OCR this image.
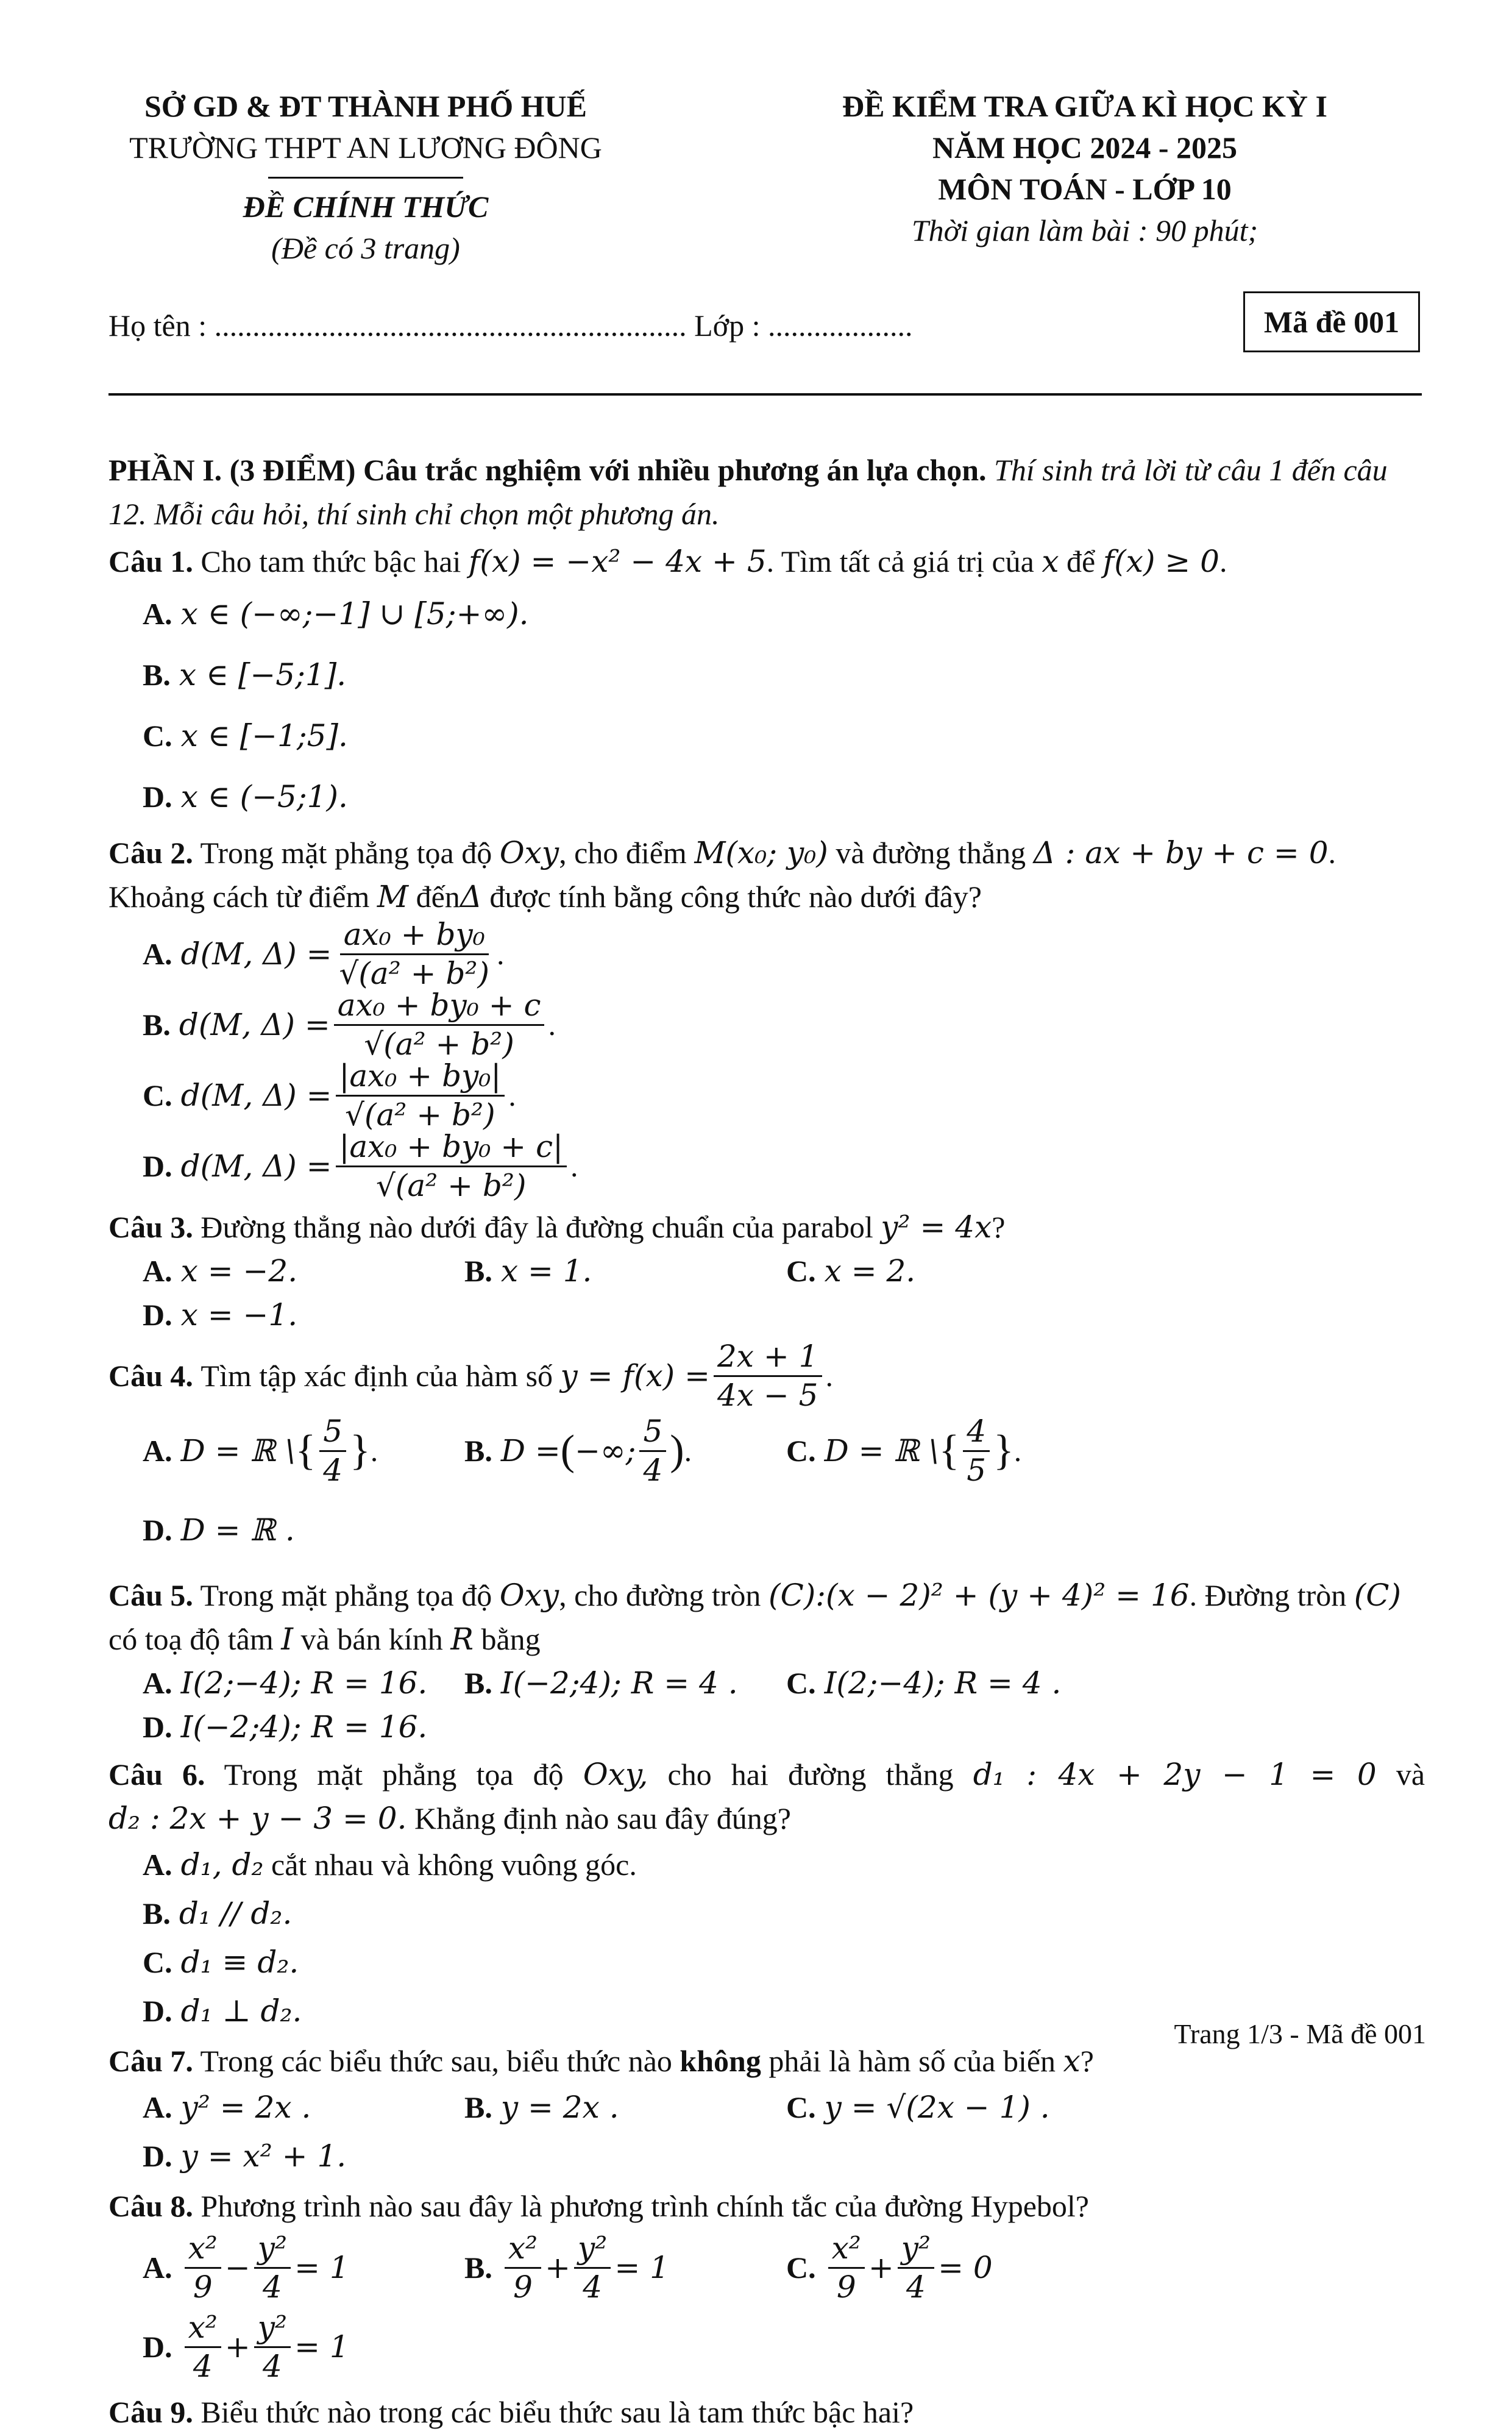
SỞ GD & ĐT THÀNH PHỐ HUẾ
TRƯỜNG THPT AN LƯƠNG ĐÔNG
ĐỀ CHÍNH THỨC
(Đề có 3 trang)
ĐỀ KIỂM TRA GIỮA KÌ HỌC KỲ I
NĂM HỌC 2024 - 2025
MÔN TOÁN - LỚP 10
Thời gian làm bài : 90 phút;
Họ tên : .............................................................. Lớp : ...................	Mã đề 001
PHẦN I. (3 ĐIỂM) Câu trắc nghiệm với nhiều phương án lựa chọn. Thí sinh trả lời từ câu 1 đến câu 12. Mỗi câu hỏi, thí sinh chỉ chọn một phương án.
Câu 1. Cho tam thức bậc hai f(x) = −x² − 4x + 5. Tìm tất cả giá trị của x để f(x) ≥ 0.
A. x ∈ (−∞;−1] ∪ [5;+∞).
B. x ∈ [−5;1].
C. x ∈ [−1;5].
D. x ∈ (−5;1).
Câu 2. Trong mặt phẳng tọa độ Oxy, cho điểm M(x₀; y₀) và đường thẳng Δ : ax + by + c = 0. Khoảng cách từ điểm M đếnΔ được tính bằng công thức nào dưới đây?
A. d(M, $\Delta) = \frac{\text{ax₀ + by₀}}{\text{√(a² + b²)}}$ .
B. d(M, $\Delta) = \frac{\text{ax₀ + by₀ + c}}{\text{√(a² + b²)}}$ .
C. d(M, $\Delta) = \frac{\text{|ax₀ + by₀|}}{\text{√(a² + b²)}}$ .
D. d(M, $\Delta) = \frac{\text{|ax₀ + by₀ + c|}}{\text{√(a² + b²)}}$ .
Câu 3. Đường thẳng nào dưới đây là đường chuẩn của parabol y² = 4x?
A. x = −2.	B. x = 1.	C. x = 2.
D. x = −1.
Câu 4.
Tìm tập xác định của hàm số
$y = f(x) = \frac{2x + 1}{4x - 5}$ .
A. D = ℝ \ { $\frac{5}{4}$ } .	B. D = ( −∞; $\frac{5}{4}$ ) .	C. D = ℝ \ { $\frac{4}{5}$ } .
D. D = ℝ .
Câu 5. Trong mặt phẳng tọa độ Oxy, cho đường tròn (C):(x − 2)² + (y + 4)² = 16. Đường tròn (C) có toạ độ tâm I và bán kính R bằng
A. I(2;−4); R = 16. B. I(−2;4); R = 4 . C. I(2;−4); R = 4 .
D. I(−2;4); R = 16.
Câu 6. Trong mặt phẳng tọa độ Oxy, cho hai đường thẳng d₁ : 4x + 2y − 1 = 0 và d₂ : 2x + y − 3 = 0. Khẳng định nào sau đây đúng?
A. d₁, d₂
cắt nhau và không vuông góc.
B. d₁ // d₂.
C. d₁ ≡ d₂.
D. d₁ ⊥ d₂.
Câu 7. Trong các biểu thức sau, biểu thức nào không phải là hàm số của biến x?
A. y² = 2x .	B. y = 2x .	C. y = √(2x − 1) .
D. y = x² + 1.
Câu 8. Phương trình nào sau đây là phương trình chính tắc của đường Hypebol?
A. $\frac{\text{x²}}{9} - \frac{\text{y²}}{4} = 1$	B. $\frac{\text{x²}}{9} + \frac{\text{y²}}{4} = 1$	C. $\frac{\text{x²}}{9} + \frac{\text{y²}}{4} = 0$
D. $\frac{\text{x²}}{4} + \frac{\text{y²}}{4} = 1$
Câu 9. Biểu thức nào trong các biểu thức sau là tam thức bậc hai?
Trang 1/3 - Mã đề 001
